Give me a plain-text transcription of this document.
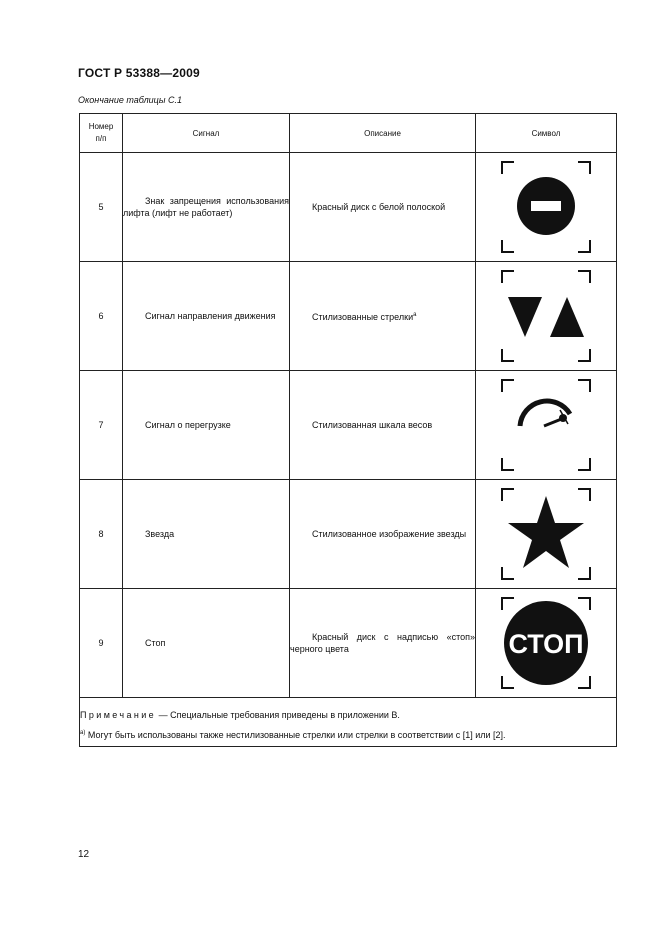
ГОСТ Р 53388—2009
Окончание таблицы С.1
Номер
п/п	Сигнал	Описание	Символ
5	Знак запрещения использования лифта (лифт не работает)	Красный диск с белой полоской	

6	Сигнал направления движения	Стилизованные стрелки$^а$	

7	Сигнал о перегрузке	Стилизованная шкала весов	

8	Звезда	Стилизованное изображение звезды	

9	Стоп	Красный диск с надписью «стоп» черного цвета	СТОП

Примечание — Специальные требования приведены в приложении В.
$^{а)}$ Могут быть использованы также нестилизованные стрелки или стрелки в соответствии с [1] или [2].			
12
